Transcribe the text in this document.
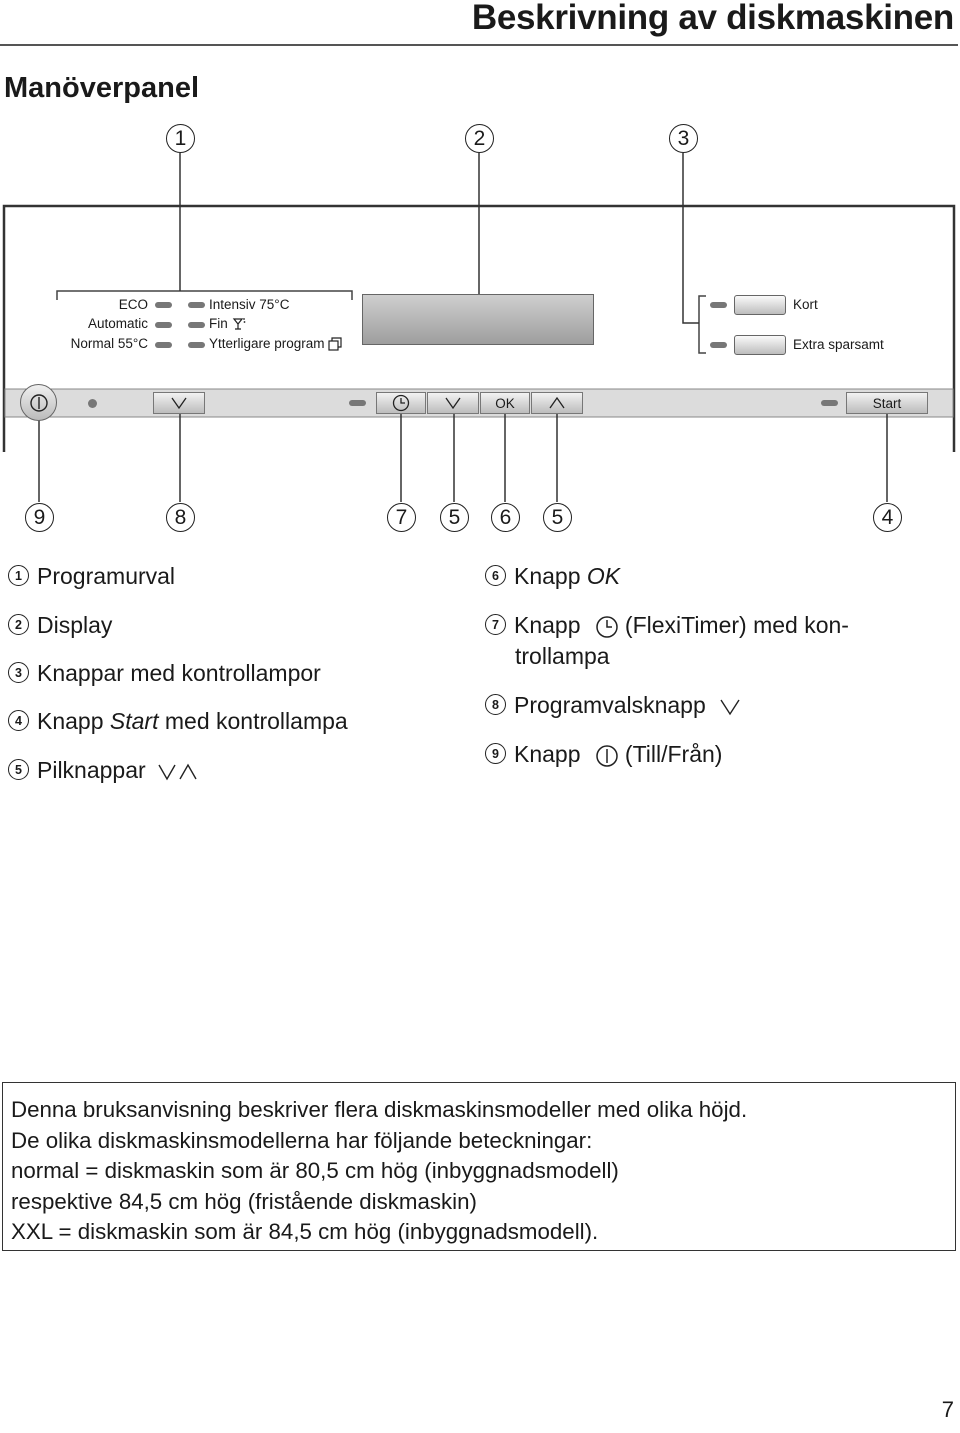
Beskrivning av diskmaskinen
Manöverpanel
1	2	3
ECO
Automatic
Normal 55°C
Intensiv 75°C
Fin
Ytterligare program
Kort
Extra sparsamt
OK	Start
9	8	7	5	6	5	4
1 Programurval
2 Display
3 Knappar med kontrollampor
4 Knapp Start med kontrollampa
5 Pilknappar
6 Knapp OK
7 Knapp (FlexiTimer) med kon-
trollampa
8 Programvalsknapp
9 Knapp (Till/Från)
Denna bruksanvisning beskriver flera diskmaskinsmodeller med olika höjd.
De olika diskmaskinsmodellerna har följande beteckningar:
normal = diskmaskin som är 80,5 cm hög (inbyggnadsmodell)
respektive 84,5 cm hög (fristående diskmaskin)
XXL = diskmaskin som är 84,5 cm hög (inbyggnadsmodell).
7
